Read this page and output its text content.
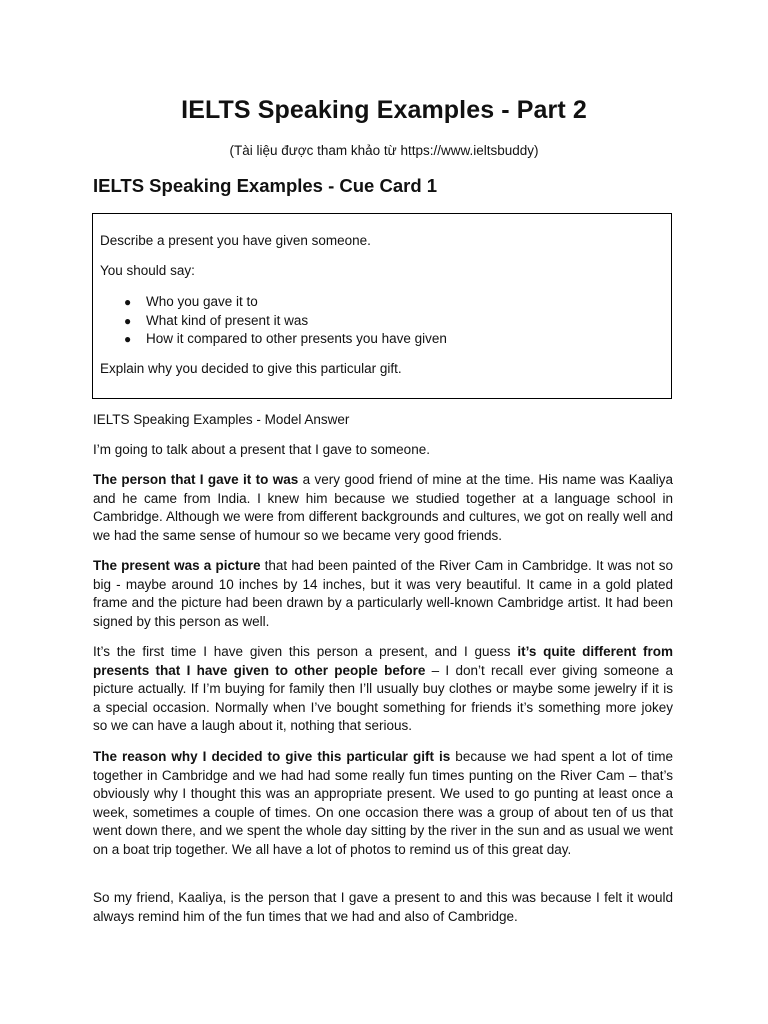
IELTS Speaking Examples - Part 2

(Tài liệu được tham khảo từ https://www.ieltsbuddy)

IELTS Speaking Examples - Cue Card 1

Describe a present you have given someone.

You should say:

● Who you gave it to
● What kind of present it was
● How it compared to other presents you have given

Explain why you decided to give this particular gift.

IELTS Speaking Examples - Model Answer

I’m going to talk about a present that I gave to someone.

The person that I gave it to was a very good friend of mine at the time. His name was Kaaliya and he came from India. I knew him because we studied together at a language school in Cambridge. Although we were from different backgrounds and cultures, we got on really well and we had the same sense of humour so we became very good friends.

The present was a picture that had been painted of the River Cam in Cambridge. It was not so big - maybe around 10 inches by 14 inches, but it was very beautiful. It came in a gold plated frame and the picture had been drawn by a particularly well-known Cambridge artist. It had been signed by this person as well.

It’s the first time I have given this person a present, and I guess it’s quite different from presents that I have given to other people before – I don’t recall ever giving someone a picture actually. If I’m buying for family then I’ll usually buy clothes or maybe some jewelry if it is a special occasion. Normally when I’ve bought something for friends it’s something more jokey so we can have a laugh about it, nothing that serious.

The reason why I decided to give this particular gift is because we had spent a lot of time together in Cambridge and we had had some really fun times punting on the River Cam – that’s obviously why I thought this was an appropriate present. We used to go punting at least once a week, sometimes a couple of times. On one occasion there was a group of about ten of us that went down there, and we spent the whole day sitting by the river in the sun and as usual we went on a boat trip together. We all have a lot of photos to remind us of this great day.

So my friend, Kaaliya, is the person that I gave a present to and this was because I felt it would always remind him of the fun times that we had and also of Cambridge.
